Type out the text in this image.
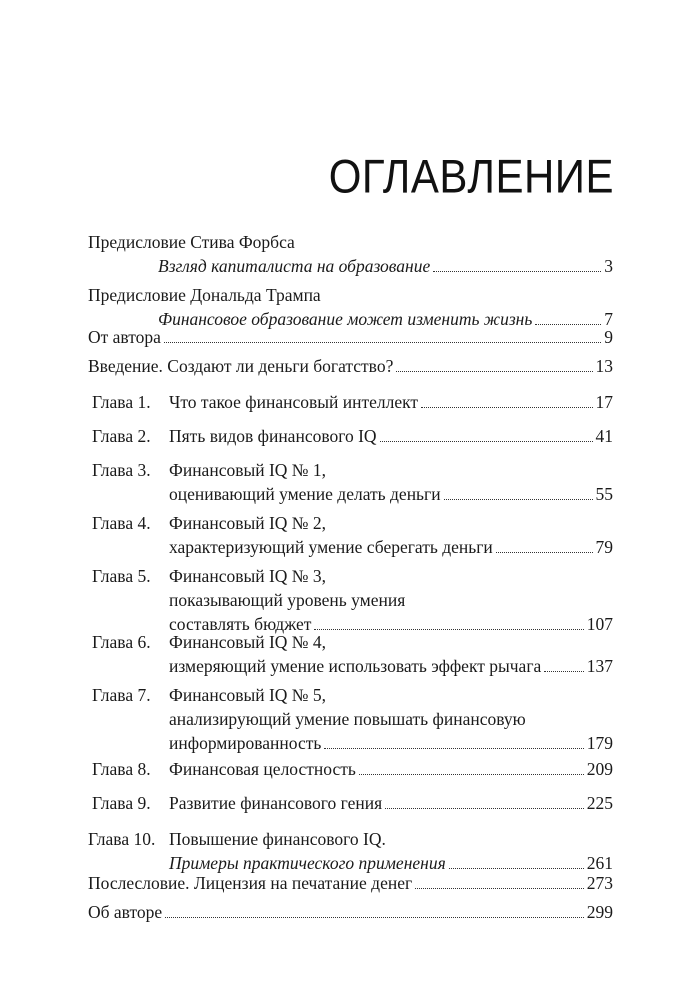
ОГЛАВЛЕНИЕ
Предисловие Стива Форбса
Взгляд капиталиста на образование	3
Предисловие Дональда Трампа
Финансовое образование может изменить жизнь	7
От автора	9
Введение. Создают ли деньги богатство?	13
Глава 1. Что такое финансовый интеллект	17
Глава 2. Пять видов финансового IQ	41
Глава 3. Финансовый IQ № 1,
оценивающий умение делать деньги	55
Глава 4. Финансовый IQ № 2,
характеризующий умение сберегать деньги	79
Глава 5. Финансовый IQ № 3,
показывающий уровень умения
составлять бюджет	107
Глава 6. Финансовый IQ № 4,
измеряющий умение использовать эффект рычага	137
Глава 7. Финансовый IQ № 5,
анализирующий умение повышать финансовую
информированность	179
Глава 8. Финансовая целостность	209
Глава 9. Развитие финансового гения	225
Глава 10. Повышение финансового IQ.
Примеры практического применения	261
Послесловие. Лицензия на печатание денег	273
Об авторе	299
